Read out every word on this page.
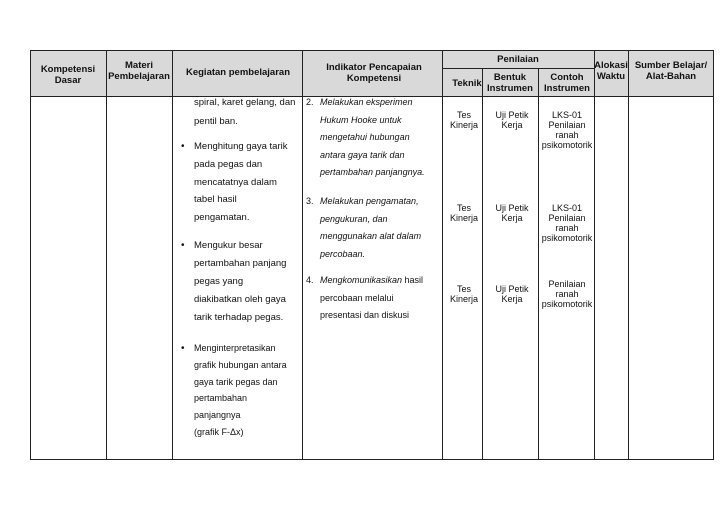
Kompetensi Dasar
Materi Pembelajaran	Kegiatan pembelajaran	Indikator Pencapaian Kompetensi
Penilaian
Teknik
Bentuk Instrumen
Contoh Instrumen
Alokasi Waktu
Sumber Belajar/ Alat-Bahan
spiral, karet gelang, dan
pentil ban.
• Menghitung gaya tarik
pada pegas dan
mencatatnya dalam
tabel hasil
pengamatan.
• Mengukur besar
pertambahan panjang
pegas yang
diakibatkan oleh gaya
tarik terhadap pegas.
• Menginterpretasikan
grafik hubungan antara
gaya tarik pegas dan
pertambahan
panjangnya
(grafik F-Δx)
2. Melakukan eksperimen
Hukum Hooke untuk
mengetahui hubungan
antara gaya tarik dan
pertambahan panjangnya.
3. Melakukan pengamatan,
pengukuran, dan
menggunakan alat dalam
percobaan.
4. Mengkomunikasikan hasil
percobaan melalui
presentasi dan diskusi
Tes
Kinerja
Uji Petik
Kerja
LKS-01
Penilaian
ranah
psikomotorik
Tes
Kinerja
Uji Petik
Kerja
LKS-01
Penilaian
ranah
psikomotorik
Tes
Kinerja
Uji Petik
Kerja
Penilaian
ranah
psikomotorik
